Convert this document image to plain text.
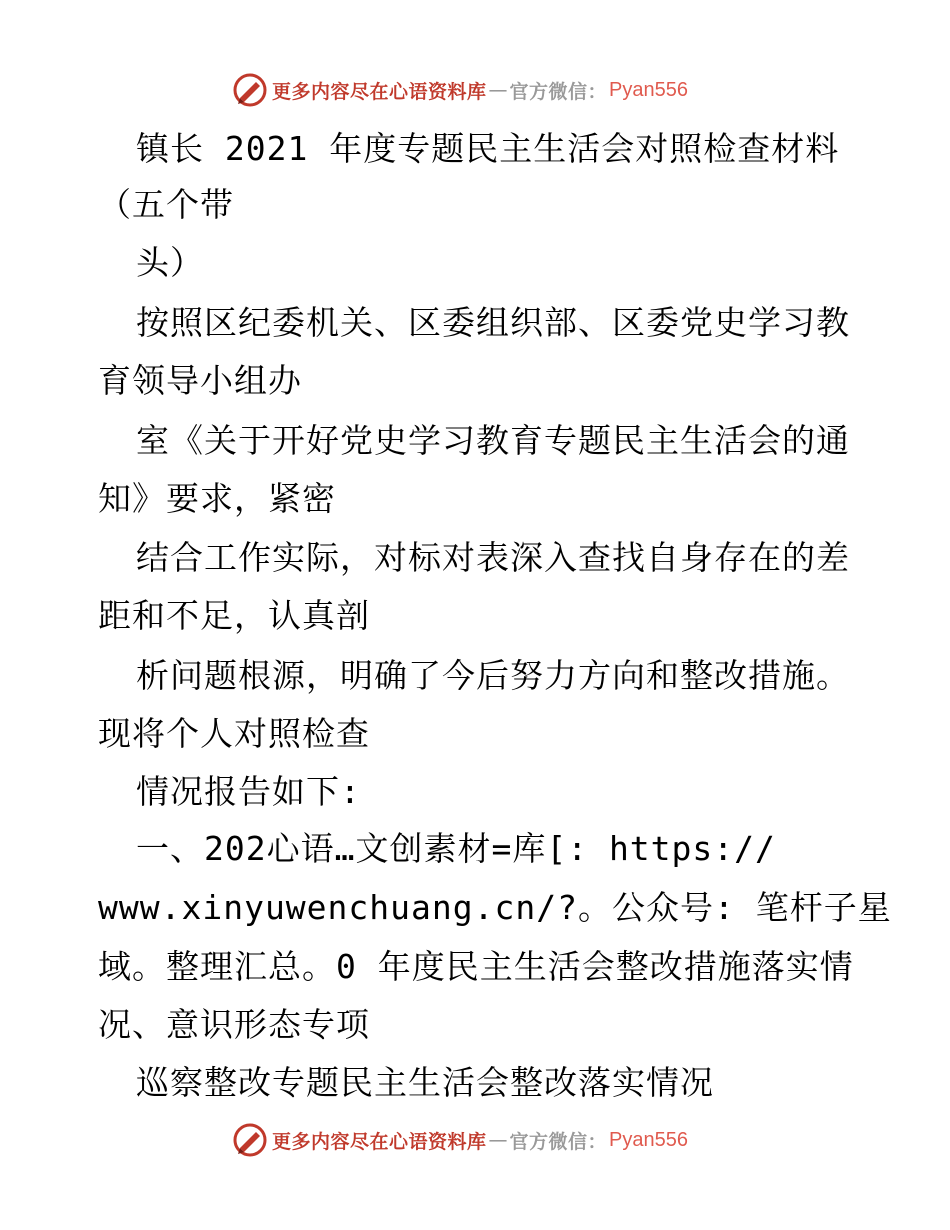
更多内容尽在心语资料库 — 官方微信： Pyan556
镇长 2021 年度专题民主生活会对照检查材料
（五个带
头）
按照区纪委机关、区委组织部、区委党史学习教
育领导小组办
室《关于开好党史学习教育专题民主生活会的通
知》要求，紧密
结合工作实际，对标对表深入查找自身存在的差
距和不足，认真剖
析问题根源，明确了今后努力方向和整改措施。
现将个人对照检查
情况报告如下:
一、202心语…文创素材=库[: https://
www.xinyuwenchuang.cn/?。公众号: 笔杆子星
域。整理汇总。0 年度民主生活会整改措施落实情
况、意识形态专项
巡察整改专题民主生活会整改落实情况
更多内容尽在心语资料库 — 官方微信： Pyan556
